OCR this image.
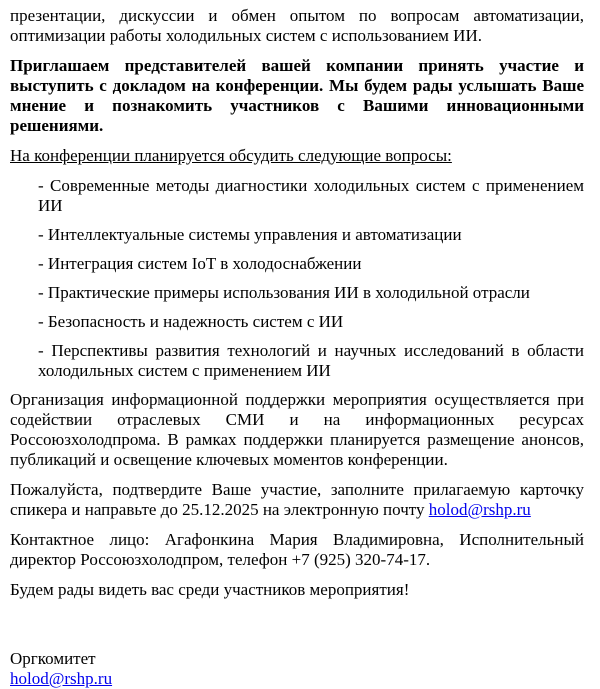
презентации, дискуссии и обмен опытом по вопросам автоматизации, оптимизации работы холодильных систем с использованием ИИ.

Приглашаем представителей вашей компании принять участие и выступить с докладом на конференции. Мы будем рады услышать Ваше мнение и познакомить участников с Вашими инновационными решениями.

На конференции планируется обсудить следующие вопросы:

- Современные методы диагностики холодильных систем с применением ИИ

- Интеллектуальные системы управления и автоматизации

- Интеграция систем IoT в холодоснабжении

- Практические примеры использования ИИ в холодильной отрасли

- Безопасность и надежность систем с ИИ

- Перспективы развития технологий и научных исследований в области холодильных систем с применением ИИ

Организация информационной поддержки мероприятия осуществляется при содействии отраслевых СМИ и на информационных ресурсах Россоюзхолодпрома. В рамках поддержки планируется размещение анонсов, публикаций и освещение ключевых моментов конференции.

Пожалуйста, подтвердите Ваше участие, заполните прилагаемую карточку спикера и направьте до 25.12.2025 на электронную почту holod@rshp.ru

Контактное лицо: Агафонкина Мария Владимировна, Исполнительный директор Россоюзхолодпром, телефон +7 (925) 320-74-17.

Будем рады видеть вас среди участников мероприятия!

Оргкомитет
holod@rshp.ru
